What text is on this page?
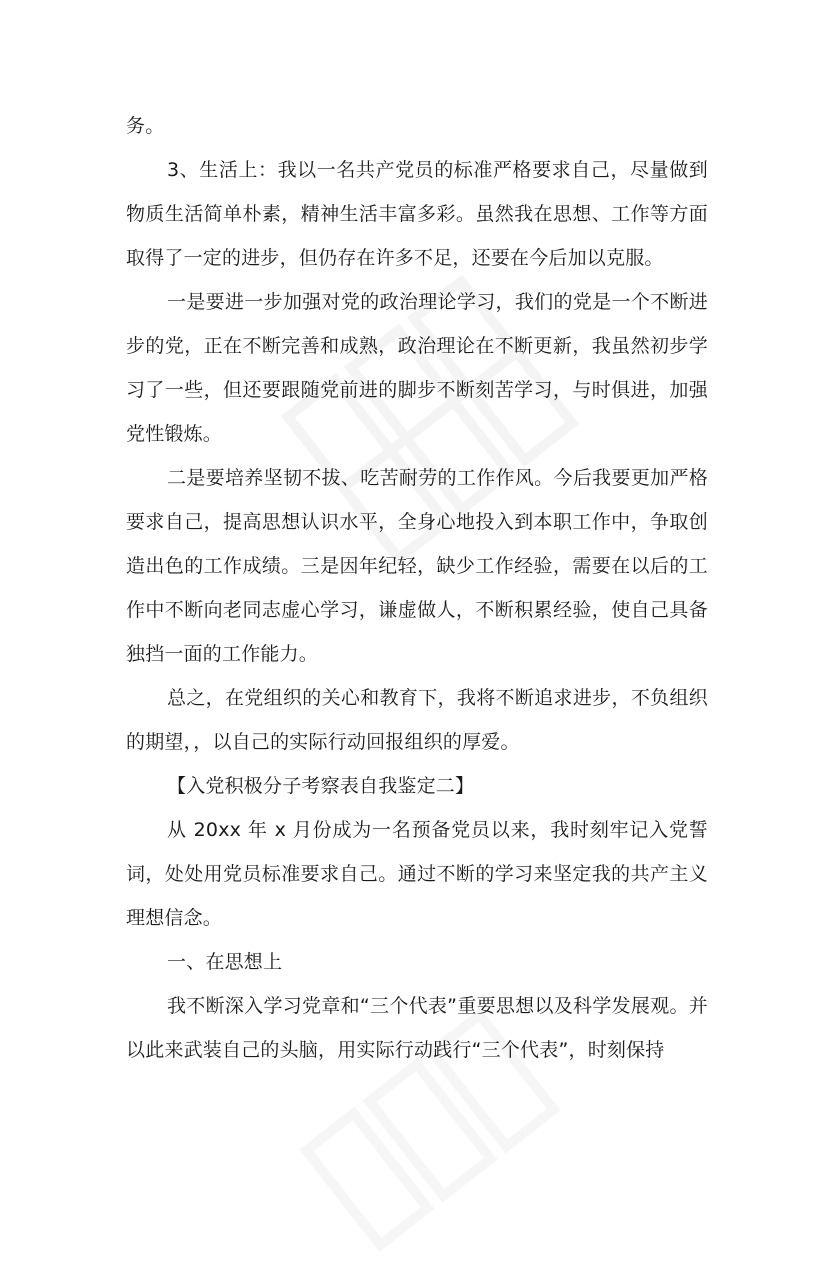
务。

3、生活上：我以一名共产党员的标准严格要求自己，尽量做到物质生活简单朴素，精神生活丰富多彩。虽然我在思想、工作等方面取得了一定的进步，但仍存在许多不足，还要在今后加以克服。

一是要进一步加强对党的政治理论学习，我们的党是一个不断进步的党，正在不断完善和成熟，政治理论在不断更新，我虽然初步学习了一些，但还要跟随党前进的脚步不断刻苦学习，与时俱进，加强党性锻炼。

二是要培养坚韧不拔、吃苦耐劳的工作作风。今后我要更加严格要求自己，提高思想认识水平，全身心地投入到本职工作中，争取创造出色的工作成绩。三是因年纪轻，缺少工作经验，需要在以后的工作中不断向老同志虚心学习，谦虚做人，不断积累经验，使自己具备独挡一面的工作能力。

总之，在党组织的关心和教育下，我将不断追求进步，不负组织的期望，，以自己的实际行动回报组织的厚爱。

【入党积极分子考察表自我鉴定二】

从 20xx 年 x 月份成为一名预备党员以来，我时刻牢记入党誓词，处处用党员标准要求自己。通过不断的学习来坚定我的共产主义理想信念。

一、在思想上

我不断深入学习党章和“三个代表”重要思想以及科学发展观。并以此来武装自己的头脑，用实际行动践行“三个代表”，时刻保持
